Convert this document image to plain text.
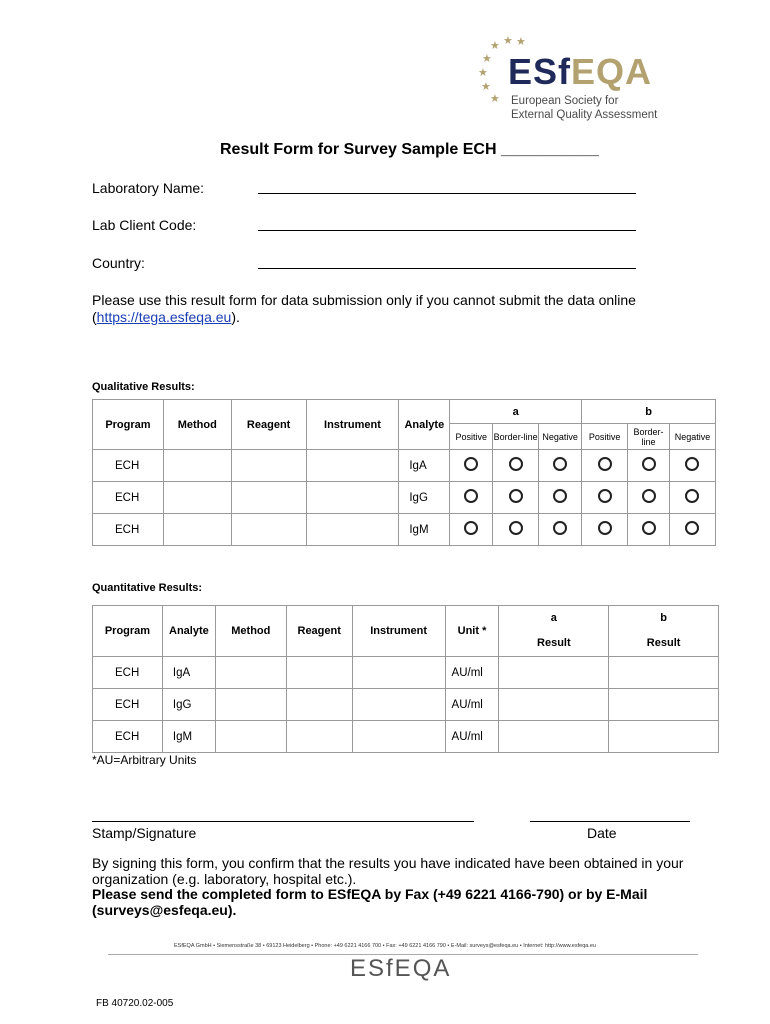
★ ★ ★
★
★
★
★
ESfEQA
European Society for
External Quality Assessment
Result Form for Survey Sample ECH ___________
Laboratory Name:
Lab Client Code:
Country:
Please use this result form for data submission only if you cannot submit the data online (https://tega.esfeqa.eu).
Qualitative Results:
Program	Method	Reagent	Instrument	Analyte	a			b		
					Positive	Border-line	Negative	Positive	Border-line	Negative
ECH				IgA						
ECH				IgG						
ECH				IgM						
Quantitative Results:
Program	Analyte	Method	Reagent	Instrument	Unit *	a	b
						Result	Result
ECH	IgA				AU/ml		
ECH	IgG				AU/ml		
ECH	IgM				AU/ml		
*AU=Arbitrary Units
Stamp/Signature	Date
By signing this form, you confirm that the results you have indicated have been obtained in your organization (e.g. laboratory, hospital etc.).
Please send the completed form to ESfEQA by Fax (+49 6221 4166-790) or by E-Mail (surveys@esfeqa.eu).
ESfEQA GmbH • Siemensstraße 38 • 69123 Heidelberg • Phone: +49 6221 4166 700 • Fax: +49 6221 4166 790 • E-Mail: surveys@esfeqa.eu • Internet: http://www.esfeqa.eu
ESfEQA
FB 40720.02-005
